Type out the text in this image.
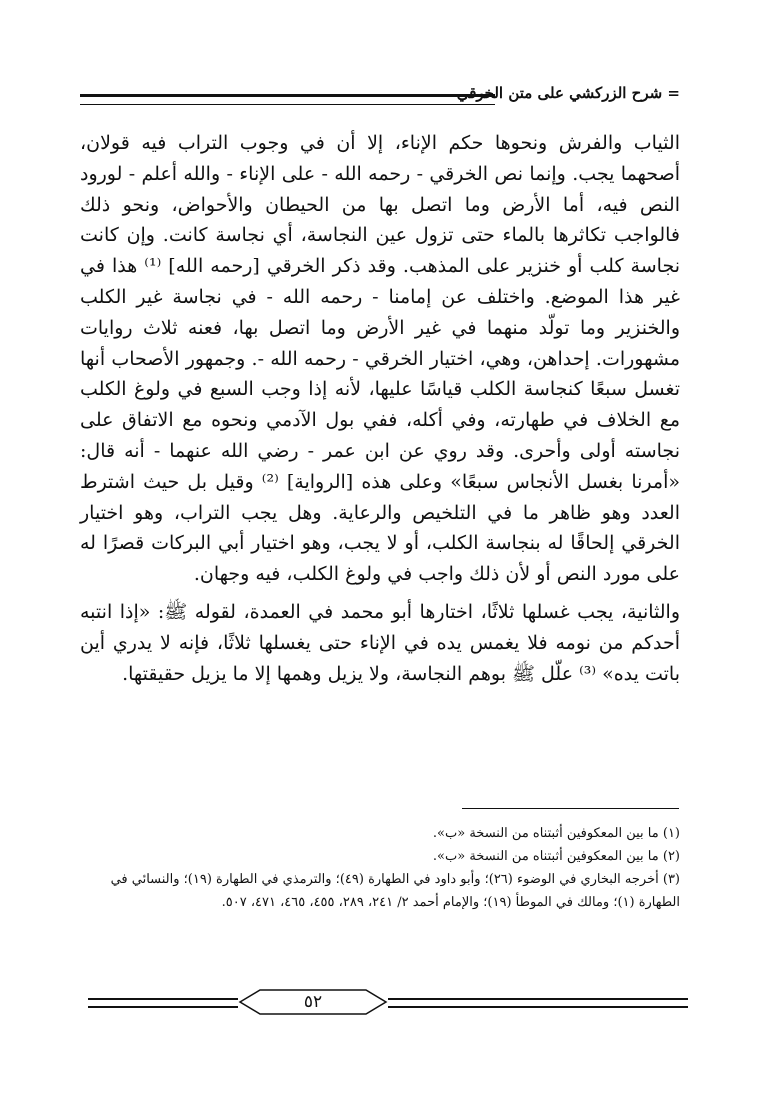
= شرح الزركشي على متن الخرقي

الثياب والفرش ونحوها حكم الإناء، إلا أن في وجوب التراب فيه قولان، أصحهما يجب. وإنما نص الخرقي - رحمه الله - على الإناء - والله أعلم - لورود النص فيه، أما الأرض وما اتصل بها من الحيطان والأحواض، ونحو ذلك فالواجب تكاثرها بالماء حتى تزول عين النجاسة، أي نجاسة كانت. وإن كانت نجاسة كلب أو خنزير على المذهب. وقد ذكر الخرقي [رحمه الله] ⁽¹⁾ هذا في غير هذا الموضع. واختلف عن إمامنا - رحمه الله - في نجاسة غير الكلب والخنزير وما تولّد منهما في غير الأرض وما اتصل بها، فعنه ثلاث روايات مشهورات. إحداهن، وهي، اختيار الخرقي - رحمه الله -. وجمهور الأصحاب أنها تغسل سبعًا كنجاسة الكلب قياسًا عليها، لأنه إذا وجب السبع في ولوغ الكلب مع الخلاف في طهارته، وفي أكله، ففي بول الآدمي ونحوه مع الاتفاق على نجاسته أولى وأحرى. وقد روي عن ابن عمر - رضي الله عنهما - أنه قال: «أمرنا بغسل الأنجاس سبعًا» وعلى هذه [الرواية] ⁽²⁾ وقيل بل حيث اشترط العدد وهو ظاهر ما في التلخيص والرعاية. وهل يجب التراب، وهو اختيار الخرقي إلحاقًا له بنجاسة الكلب، أو لا يجب، وهو اختيار أبي البركات قصرًا له على مورد النص أو لأن ذلك واجب في ولوغ الكلب، فيه وجهان.

والثانية، يجب غسلها ثلاثًا، اختارها أبو محمد في العمدة، لقوله ﷺ: «إذا انتبه أحدكم من نومه فلا يغمس يده في الإناء حتى يغسلها ثلاثًا، فإنه لا يدري أين باتت يده» ⁽³⁾ علّل ﷺ بوهم النجاسة، ولا يزيل وهمها إلا ما يزيل حقيقتها.

(١) ما بين المعكوفين أثبتناه من النسخة «ب».
(٢) ما بين المعكوفين أثبتناه من النسخة «ب».
(٣) أخرجه البخاري في الوضوء (٢٦)؛ وأبو داود في الطهارة (٤٩)؛ والترمذي في الطهارة (١٩)؛ والنسائي في الطهارة (١)؛ ومالك في الموطأ (١٩)؛ والإمام أحمد ٢/ ٢٤١، ٢٨٩، ٤٥٥، ٤٦٥، ٤٧١، ٥٠٧.
٥٢
